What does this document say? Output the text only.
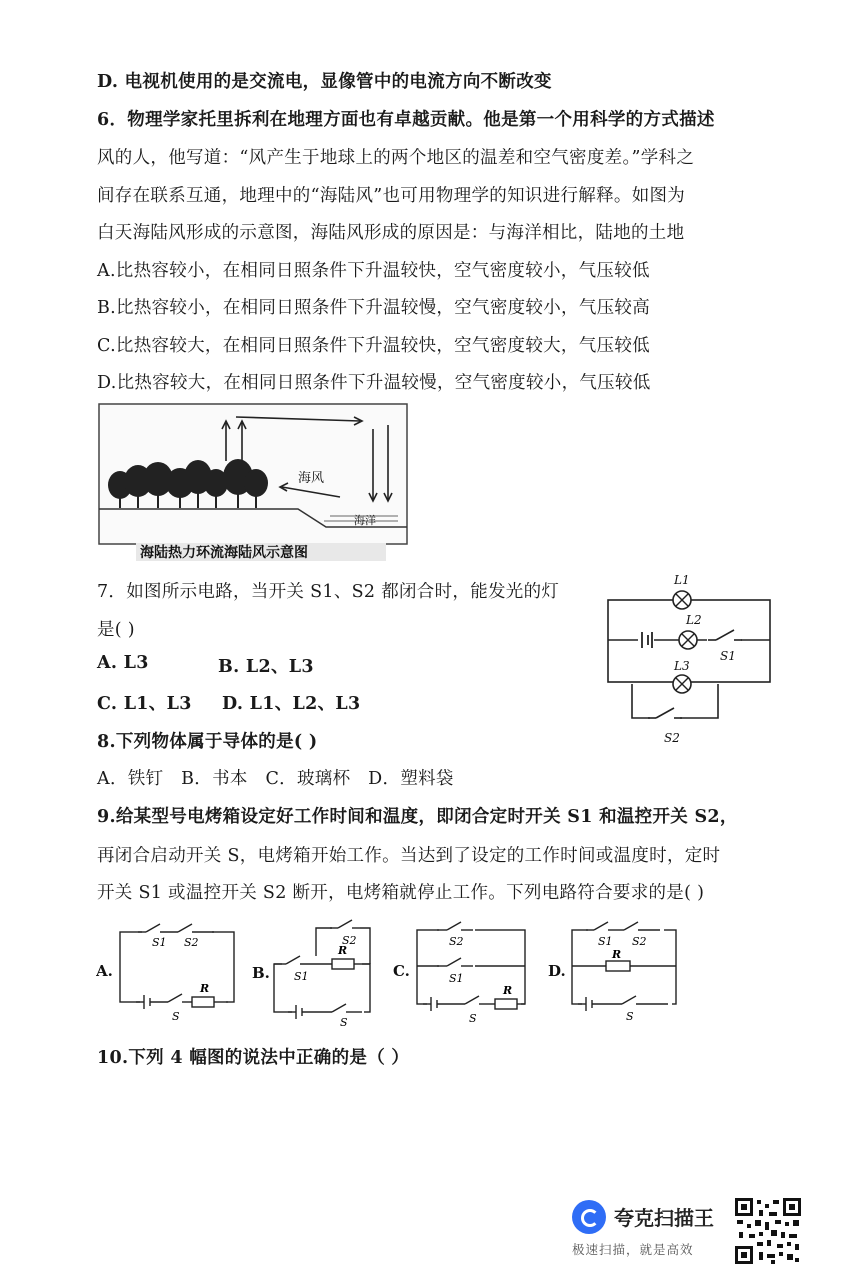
D. 电视机使用的是交流电，显像管中的电流方向不断改变
6．物理学家托里拆利在地理方面也有卓越贡献。他是第一个用科学的方式描述
风的人，他写道：“风产生于地球上的两个地区的温差和空气密度差。”学科之
间存在联系互通，地理中的“海陆风”也可用物理学的知识进行解释。如图为
白天海陆风形成的示意图，海陆风形成的原因是：与海洋相比，陆地的土地
A.比热容较小，在相同日照条件下升温较快，空气密度较小，气压较低
B.比热容较小，在相同日照条件下升温较慢，空气密度较小，气压较高
C.比热容较大，在相同日照条件下升温较快，空气密度较大，气压较低
D.比热容较大，在相同日照条件下升温较慢，空气密度较小，气压较低
海风
海洋
海陆热力环流海陆风示意图
7．如图所示电路，当开关 S1、S2 都闭合时，能发光的灯
是( )
A. L3	B. L2、L3
C. L1、L3 D. L1、L2、L3
L1
L2
L3
S1
S2
8.下列物体属于导体的是( )
A．铁钉　B．书本　C．玻璃杯　D．塑料袋
9.给某型号电烤箱设定好工作时间和温度，即闭合定时开关 S1 和温控开关 S2，
再闭合启动开关 S，电烤箱开始工作。当达到了设定的工作时间或温度时，定时
开关 S1 或温控开关 S2 断开，电烤箱就停止工作。下列电路符合要求的是( )
A.
S1 S2
R
S
B.
S2
R
S1
S
C.
S2
S1
R
S
D.
S1 S2
R
S
10.下列 4 幅图的说法中正确的是（ ）
夸克扫描王
极速扫描，就是高效
